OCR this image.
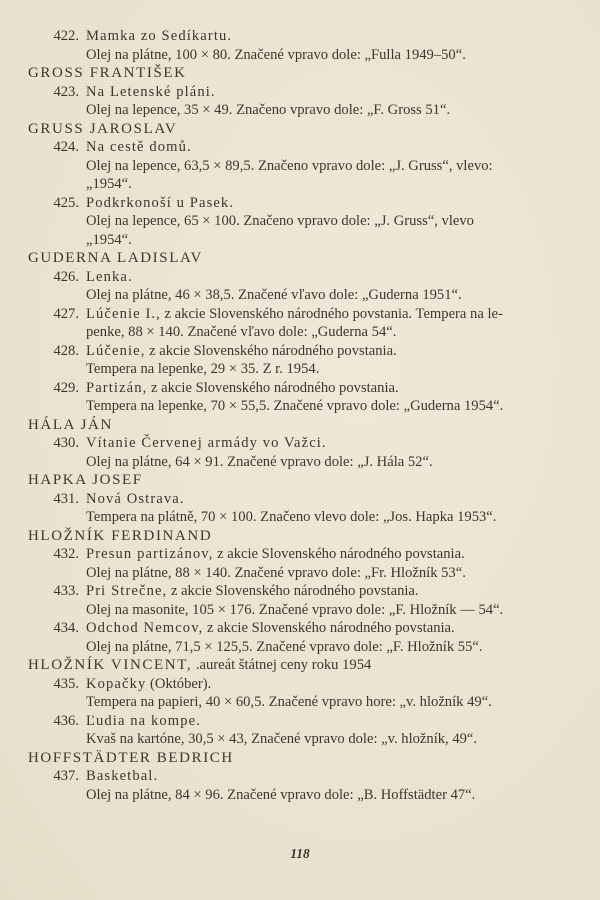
422. Mamka zo Sedíkartu.
Olej na plátne, 100 × 80. Značené vpravo dole: „Fulla 1949–50“.
GROSS FRANTIŠEK
423. Na Letenské pláni.
Olej na lepence, 35 × 49. Značeno vpravo dole: „F. Gross 51“.
GRUSS JAROSLAV
424. Na cestě domů.
Olej na lepence, 63,5 × 89,5. Značeno vpravo dole: „J. Gruss“, vlevo:
„1954“.
425. Podkrkonoší u Pasek.
Olej na lepence, 65 × 100. Značeno vpravo dole: „J. Gruss“, vlevo
„1954“.
GUDERNA LADISLAV
426. Lenka.
Olej na plátne, 46 × 38,5. Značené vľavo dole: „Guderna 1951“.
427. Lúčenie I., z akcie Slovenského národného povstania. Tempera na le-
penke, 88 × 140. Značené vľavo dole: „Guderna 54“.
428. Lúčenie, z akcie Slovenského národného povstania.
Tempera na lepenke, 29 × 35. Z r. 1954.
429. Partizán, z akcie Slovenského národného povstania.
Tempera na lepenke, 70 × 55,5. Značené vpravo dole: „Guderna 1954“.
HÁLA JÁN
430. Vítanie Červenej armády vo Važci.
Olej na plátne, 64 × 91. Značené vpravo dole: „J. Hála 52“.
HAPKA JOSEF
431. Nová Ostrava.
Tempera na plátně, 70 × 100. Značeno vlevo dole: „Jos. Hapka 1953“.
HLOŽNÍK FERDINAND
432. Presun partizánov, z akcie Slovenského národného povstania.
Olej na plátne, 88 × 140. Značené vpravo dole: „Fr. Hložník 53“.
433. Pri Strečne, z akcie Slovenského národného povstania.
Olej na masonite, 105 × 176. Značené vpravo dole: „F. Hložník — 54“.
434. Odchod Nemcov, z akcie Slovenského národného povstania.
Olej na plátne, 71,5 × 125,5. Značené vpravo dole: „F. Hložník 55“.
HLOŽNÍK VINCENT, .aureát štátnej ceny roku 1954
435. Kopačky (Október).
Tempera na papieri, 40 × 60,5. Značené vpravo hore: „v. hložník 49“.
436. Ľudia na kompe.
Kvaš na kartóne, 30,5 × 43, Značené vpravo dole: „v. hložník, 49“.
HOFFSTÄDTER BEDRICH
437. Basketbal.
Olej na plátne, 84 × 96. Značené vpravo dole: „B. Hoffstädter 47“.
118
